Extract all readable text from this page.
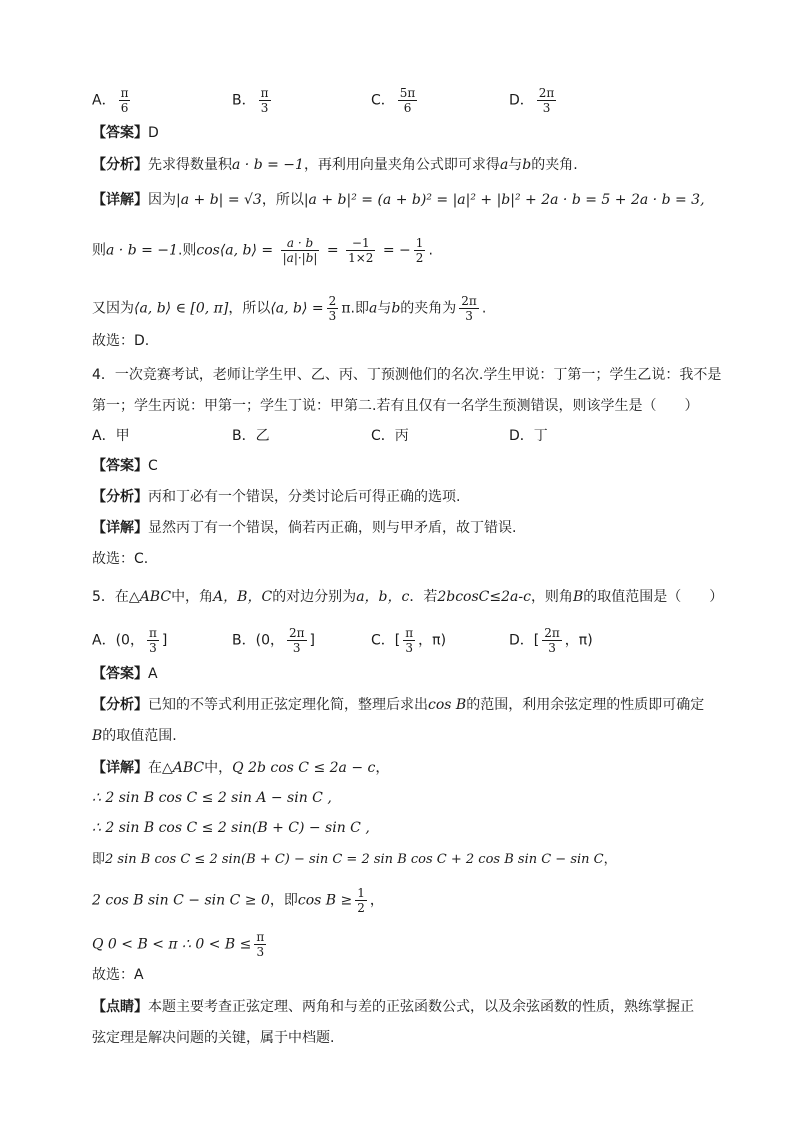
A． $\frac{\pi}{6}$	B． $\frac{\pi}{3}$	C． $\frac{5\pi}{6}$	D． $\frac{2\pi}{3}$
【答案】D
【分析】先求得数量积a · b = −1，再利用向量夹角公式即可求得a与b的夹角.
【详解】因为|a + b| = √3，所以|a + b|² = (a + b)² = |a|² + |b|² + 2a · b = 5 + 2a · b = 3,
则a · b = −1.则cos⟨a, b⟩ = $\frac{a \cdot b}{|a|\cdot|b|} = \frac{-1}{1\times 2}$ = − $\frac{1}{2}$ .
又因为⟨a, b⟩ ∈ [0, π]，所以⟨a, b⟩ = $\frac{2}{3} \pi$.即a与b的夹角为 $\frac{2\pi}{3}$ .
故选：D.
4．一次竞赛考试，老师让学生甲、乙、丙、丁预测他们的名次.学生甲说：丁第一；学生乙说：我不是
第一；学生丙说：甲第一；学生丁说：甲第二.若有且仅有一名学生预测错误，则该学生是（　　）
A．甲	B．乙	C．丙	D．丁
【答案】C
【分析】丙和丁必有一个错误，分类讨论后可得正确的选项.
【详解】显然丙丁有一个错误，倘若丙正确，则与甲矛盾，故丁错误.
故选：C.
5．在△ABC中，角A，B，C的对边分别为a，b，c．若2bcosC≤2a-c，则角B的取值范围是（　　）
A．(0， $\frac{\pi}{3}$ ]	B．(0， $\frac{2\pi}{3}$ ]	C．[ $\frac{\pi}{3}$ ，π)	D．[ $\frac{2\pi}{3}$ ，π)
【答案】A
【分析】已知的不等式利用正弦定理化简，整理后求出cos B的范围，利用余弦定理的性质即可确定
B的取值范围.
【详解】在△ABC中，Q 2b cos C ≤ 2a − c，
∴ 2 sin B cos C ≤ 2 sin A − sin C ,
∴ 2 sin B cos C ≤ 2 sin(B + C) − sin C ,
即2 sin B cos C ≤ 2 sin(B + C) − sin C = 2 sin B cos C + 2 cos B sin C − sin C，
2 cos B sin C − sin C ≥ 0，即$\cos B \ge \frac{1}{2}$ ，
Q 0 < B < π ∴ $0 < B \le \frac{\pi}{3}$
故选：A
【点睛】本题主要考查正弦定理、两角和与差的正弦函数公式，以及余弦函数的性质，熟练掌握正
弦定理是解决问题的关键，属于中档题.
